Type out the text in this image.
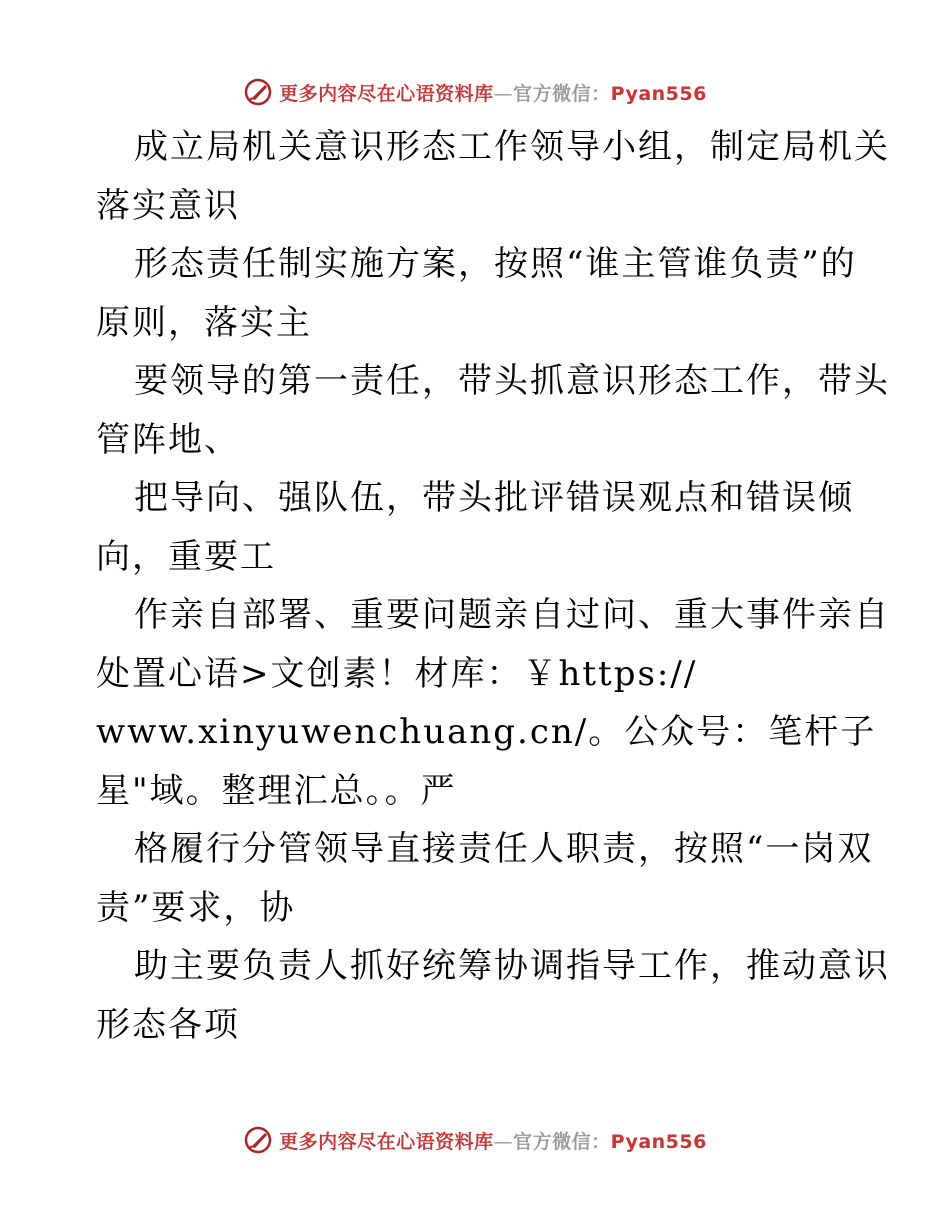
更多内容尽在心语资料库—官方微信：Pyan556
成立局机关意识形态工作领导小组，制定局机关
落实意识
形态责任制实施方案，按照“谁主管谁负责”的
原则，落实主
要领导的第一责任，带头抓意识形态工作，带头
管阵地、
把导向、强队伍，带头批评错误观点和错误倾
向，重要工
作亲自部署、重要问题亲自过问、重大事件亲自
处置心语>文创素！材库：￥https://
www.xinyuwenchuang.cn/。公众号：笔杆子
星"域。整理汇总。。严
格履行分管领导直接责任人职责，按照“一岗双
责”要求，协
助主要负责人抓好统筹协调指导工作，推动意识
形态各项
更多内容尽在心语资料库—官方微信：Pyan556
